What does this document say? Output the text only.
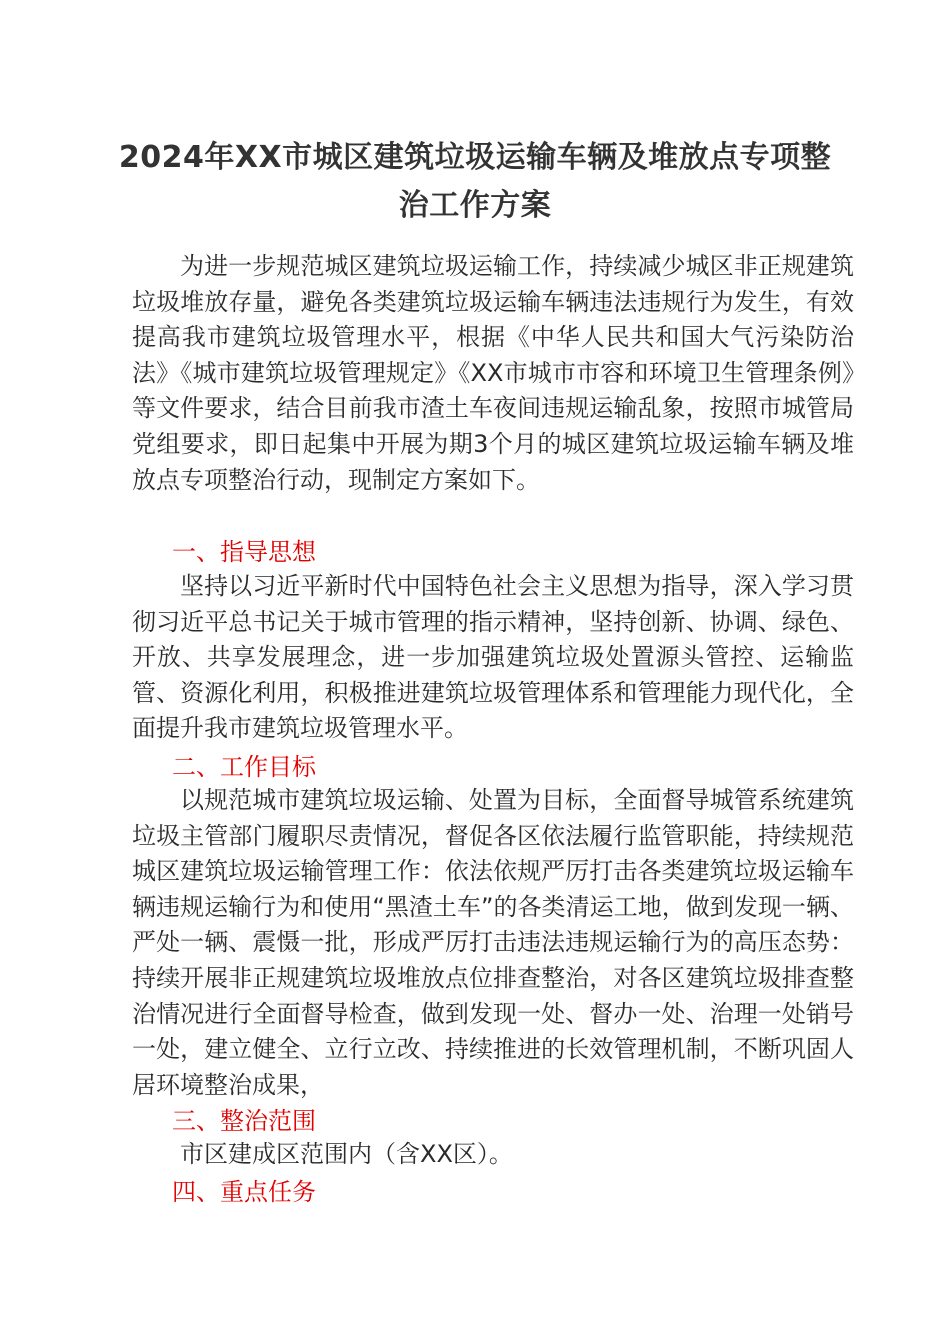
2024年XX市城区建筑垃圾运输车辆及堆放点专项整治工作方案
为进一步规范城区建筑垃圾运输工作，持续减少城区非正规建筑垃圾堆放存量，避免各类建筑垃圾运输车辆违法违规行为发生，有效提高我市建筑垃圾管理水平，根据《中华人民共和国大气污染防治法》《城市建筑垃圾管理规定》《XX市城市市容和环境卫生管理条例》等文件要求，结合目前我市渣土车夜间违规运输乱象，按照市城管局党组要求，即日起集中开展为期3个月的城区建筑垃圾运输车辆及堆放点专项整治行动，现制定方案如下。
一、指导思想
坚持以习近平新时代中国特色社会主义思想为指导，深入学习贯彻习近平总书记关于城市管理的指示精神，坚持创新、协调、绿色、开放、共享发展理念，进一步加强建筑垃圾处置源头管控、运输监管、资源化利用，积极推进建筑垃圾管理体系和管理能力现代化，全面提升我市建筑垃圾管理水平。
二、工作目标
以规范城市建筑垃圾运输、处置为目标，全面督导城管系统建筑垃圾主管部门履职尽责情况，督促各区依法履行监管职能，持续规范城区建筑垃圾运输管理工作：依法依规严厉打击各类建筑垃圾运输车辆违规运输行为和使用“黑渣土车”的各类清运工地，做到发现一辆、严处一辆、震慑一批，形成严厉打击违法违规运输行为的高压态势：持续开展非正规建筑垃圾堆放点位排查整治，对各区建筑垃圾排查整治情况进行全面督导检查，做到发现一处、督办一处、治理一处销号一处，建立健全、立行立改、持续推进的长效管理机制，不断巩固人居环境整治成果，
三、整治范围
市区建成区范围内（含XX区）。
四、重点任务
